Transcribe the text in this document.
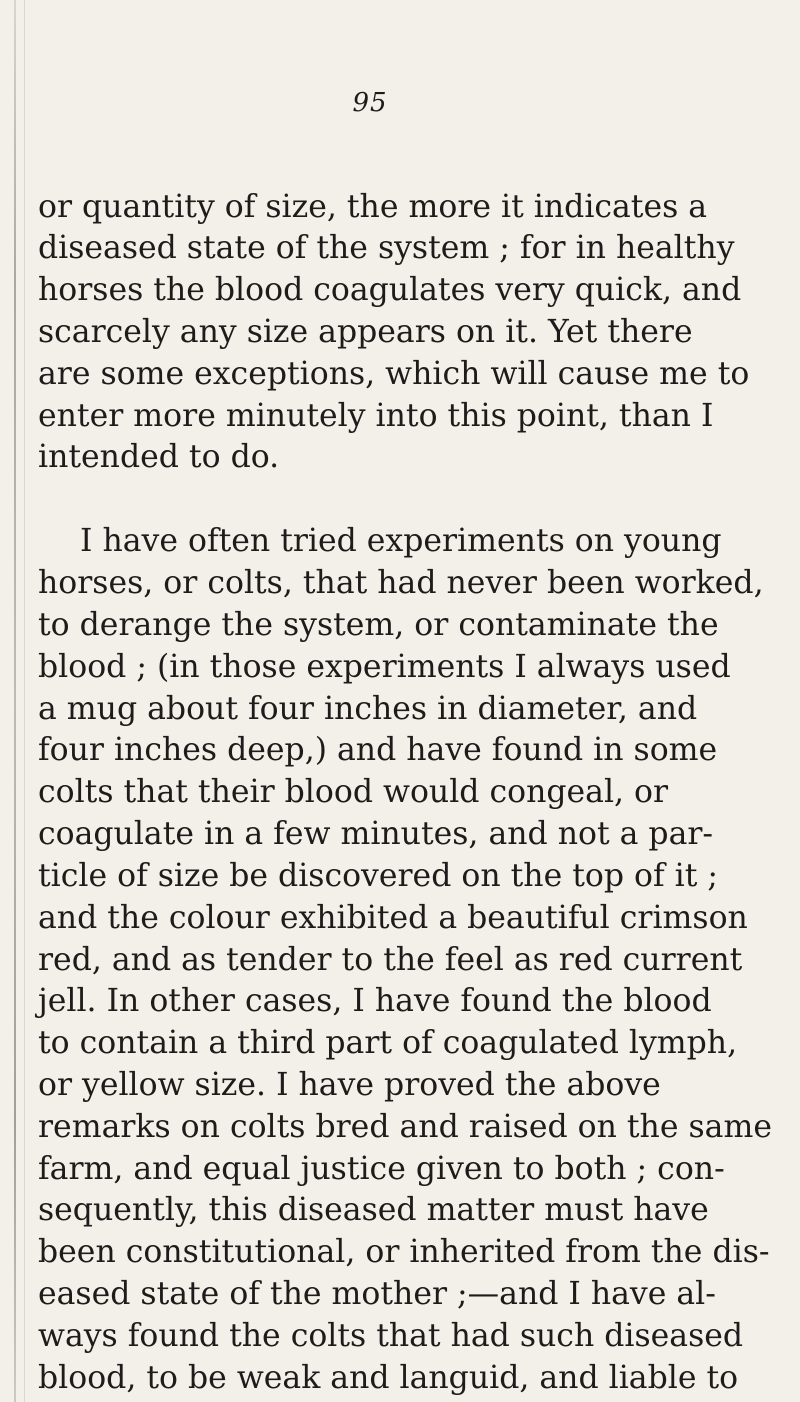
95
or quantity of size, the more it indicates a
diseased state of the system ; for in healthy
horses the blood coagulates very quick, and
scarcely any size appears on it. Yet there
are some exceptions, which will cause me to
enter more minutely into this point, than I
intended to do.
I have often tried experiments on young
horses, or colts, that had never been worked,
to derange the system, or contaminate the
blood ; (in those experiments I always used
a mug about four inches in diameter, and
four inches deep,) and have found in some
colts that their blood would congeal, or
coagulate in a few minutes, and not a par-
ticle of size be discovered on the top of it ;
and the colour exhibited a beautiful crimson
red, and as tender to the feel as red current
jell. In other cases, I have found the blood
to contain a third part of coagulated lymph,
or yellow size. I have proved the above
remarks on colts bred and raised on the same
farm, and equal justice given to both ; con-
sequently, this diseased matter must have
been constitutional, or inherited from the dis-
eased state of the mother ;—and I have al-
ways found the colts that had such diseased
blood, to be weak and languid, and liable to
